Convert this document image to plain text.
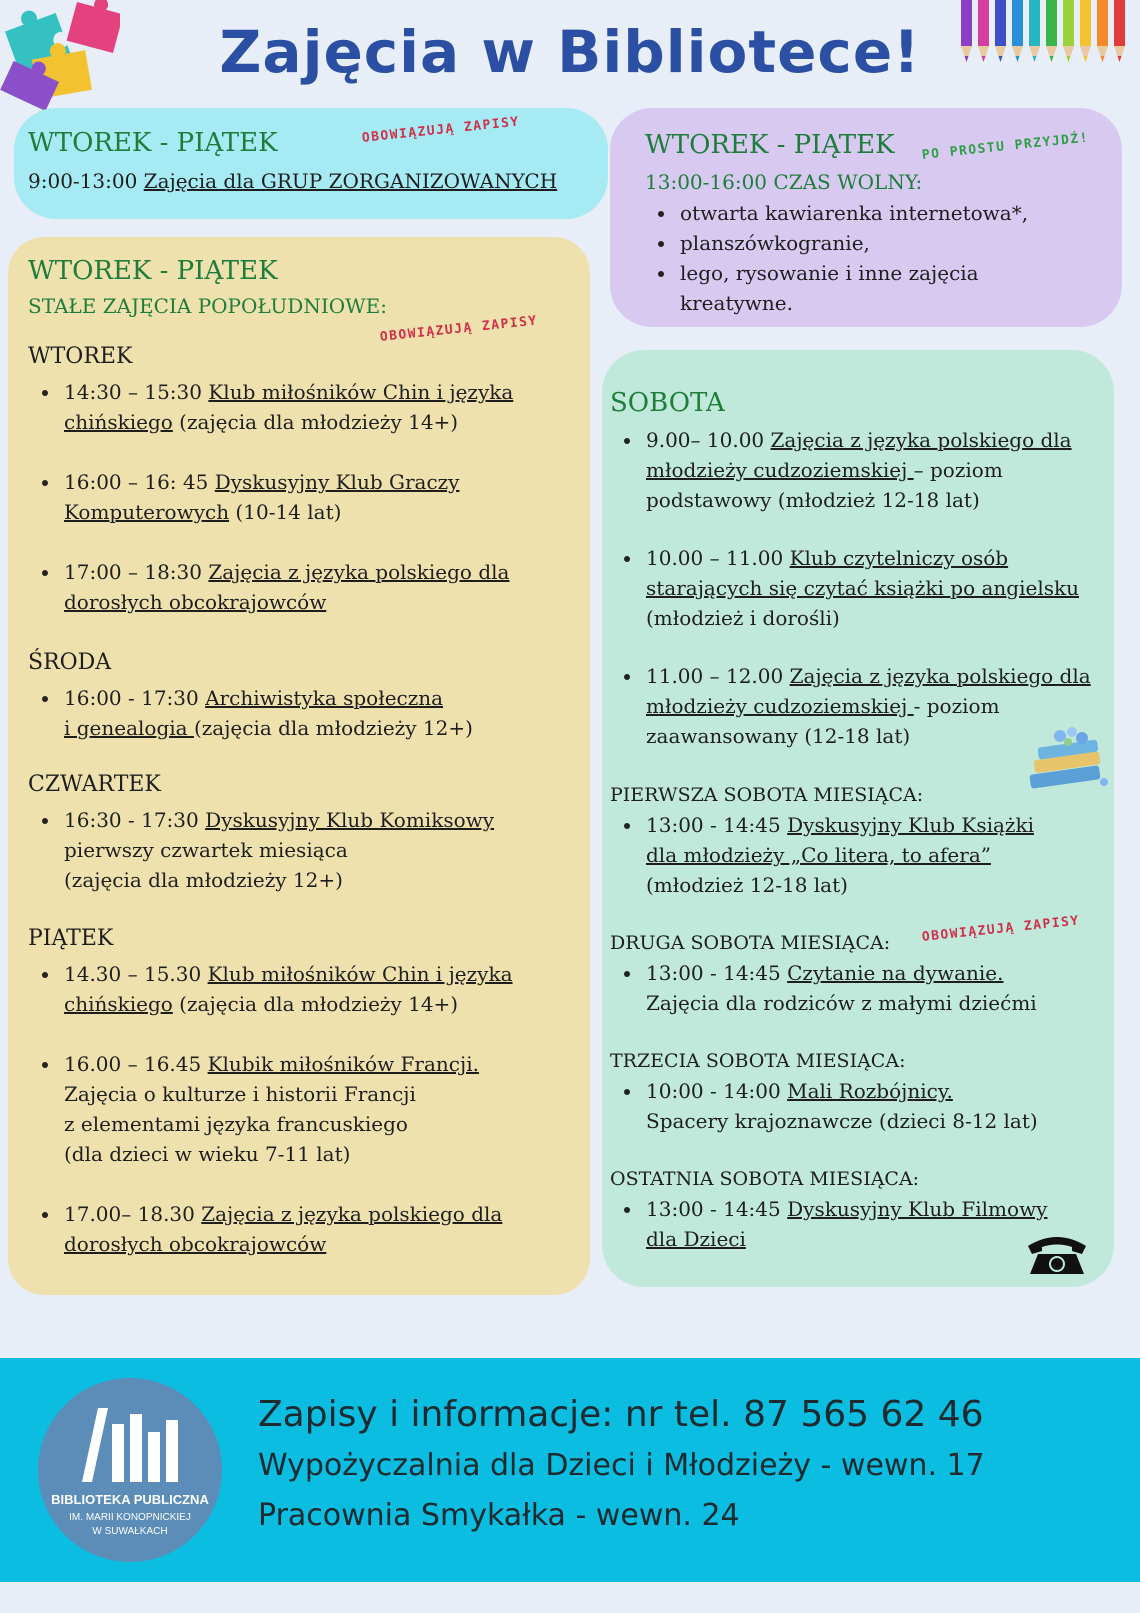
Zajęcia w Bibliotece!
WTOREK - PIĄTEK	OBOWIĄZUJĄ ZAPISY
9:00-13:00 Zajęcia dla GRUP ZORGANIZOWANYCH
WTOREK - PIĄTEK PO PROSTU PRZYJDŹ!
13:00-16:00 CZAS WOLNY:
otwarta kawiarenka internetowa*,
planszówkogranie,
lego, rysowanie i inne zajęcia
kreatywne.
WTOREK - PIĄTEK
STAŁE ZAJĘCIA POPOŁUDNIOWE:
OBOWIĄZUJĄ ZAPISY
WTOREK
14:30 – 15:30 Klub miłośników Chin i języka
chińskiego (zajęcia dla młodzieży 14+)
16:00 – 16: 45 Dyskusyjny Klub Graczy
Komputerowych (10-14 lat)
17:00 – 18:30 Zajęcia z języka polskiego dla
dorosłych obcokrajowców
ŚRODA
16:00 - 17:30 Archiwistyka społeczna
i genealogia (zajęcia dla młodzieży 12+)
CZWARTEK
16:30 - 17:30 Dyskusyjny Klub Komiksowy
pierwszy czwartek miesiąca
(zajęcia dla młodzieży 12+)
PIĄTEK
14.30 – 15.30 Klub miłośników Chin i języka
chińskiego (zajęcia dla młodzieży 14+)
16.00 – 16.45 Klubik miłośników Francji.
Zajęcia o kulturze i historii Francji
z elementami języka francuskiego
(dla dzieci w wieku 7-11 lat)
17.00– 18.30 Zajęcia z języka polskiego dla
dorosłych obcokrajowców
SOBOTA
9.00– 10.00 Zajęcia z języka polskiego dla
młodzieży cudzoziemskiej – poziom
podstawowy (młodzież 12-18 lat)
10.00 – 11.00 Klub czytelniczy osób
starających się czytać książki po angielsku
(młodzież i dorośli)
11.00 – 12.00 Zajęcia z języka polskiego dla
młodzieży cudzoziemskiej - poziom
zaawansowany (12-18 lat)
PIERWSZA SOBOTA MIESIĄCA:
13:00 - 14:45 Dyskusyjny Klub Książki
dla młodzieży „Co litera, to afera”
(młodzież 12-18 lat)
DRUGA SOBOTA MIESIĄCA: OBOWIĄZUJĄ ZAPISY
13:00 - 14:45 Czytanie na dywanie.
Zajęcia dla rodziców z małymi dziećmi
TRZECIA SOBOTA MIESIĄCA:
10:00 - 14:00 Mali Rozbójnicy.
Spacery krajoznawcze (dzieci 8-12 lat)
OSTATNIA SOBOTA MIESIĄCA:
13:00 - 14:45 Dyskusyjny Klub Filmowy
dla Dzieci
BIBLIOTEKA PUBLICZNA
IM. MARII KONOPNICKIEJ
W SUWAŁKACH
Zapisy i informacje: nr tel. 87 565 62 46
Wypożyczalnia dla Dzieci i Młodzieży - wewn. 17
Pracownia Smykałka - wewn. 24
